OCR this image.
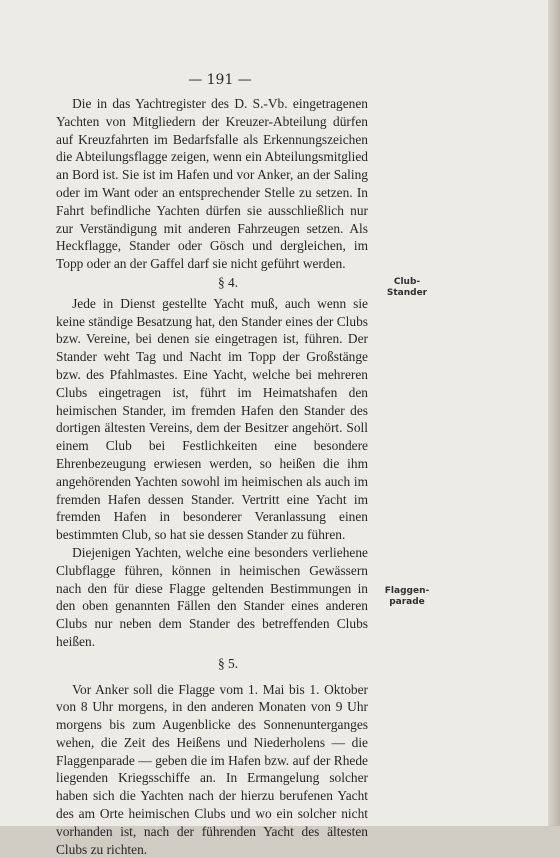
— 191 —

Die in das Yachtregister des D. S.-Vb. eingetragenen Yachten von Mitgliedern der Kreuzer-Abteilung dürfen auf Kreuzfahrten im Bedarfsfalle als Erkennungszeichen die Abteilungsflagge zeigen, wenn ein Abteilungsmitglied an Bord ist. Sie ist im Hafen und vor Anker, an der Saling oder im Want oder an entsprechender Stelle zu setzen. In Fahrt befindliche Yachten dürfen sie ausschließlich nur zur Verständigung mit anderen Fahrzeugen setzen. Als Heckflagge, Stander oder Gösch und dergleichen, im Topp oder an der Gaffel darf sie nicht geführt werden.

§ 4.

Jede in Dienst gestellte Yacht muß, auch wenn sie keine ständige Besatzung hat, den Stander eines der Clubs bzw. Vereine, bei denen sie eingetragen ist, führen. Der Stander weht Tag und Nacht im Topp der Großstänge bzw. des Pfahlmastes. Eine Yacht, welche bei mehreren Clubs eingetragen ist, führt im Heimatshafen den heimischen Stander, im fremden Hafen den Stander des dortigen ältesten Vereins, dem der Besitzer angehört. Soll einem Club bei Festlichkeiten eine besondere Ehrenbezeugung erwiesen werden, so heißen die ihm angehörenden Yachten sowohl im heimischen als auch im fremden Hafen dessen Stander. Vertritt eine Yacht im fremden Hafen in besonderer Veranlassung einen bestimmten Club, so hat sie dessen Stander zu führen.

Diejenigen Yachten, welche eine besonders verliehene Clubflagge führen, können in heimischen Gewässern nach den für diese Flagge geltenden Bestimmungen in den oben genannten Fällen den Stander eines anderen Clubs nur neben dem Stander des betreffenden Clubs heißen.

§ 5.

Vor Anker soll die Flagge vom 1. Mai bis 1. Oktober von 8 Uhr morgens, in den anderen Monaten von 9 Uhr morgens bis zum Augenblicke des Sonnenunterganges wehen, die Zeit des Heißens und Niederholens — die Flaggenparade — geben die im Hafen bzw. auf der Rhede liegenden Kriegsschiffe an. In Ermangelung solcher haben sich die Yachten nach der hierzu berufenen Yacht des am Orte heimischen Clubs und wo ein solcher nicht vorhanden ist, nach der führenden Yacht des ältesten Clubs zu richten.

Club-
Stander
Flaggen-
parade
